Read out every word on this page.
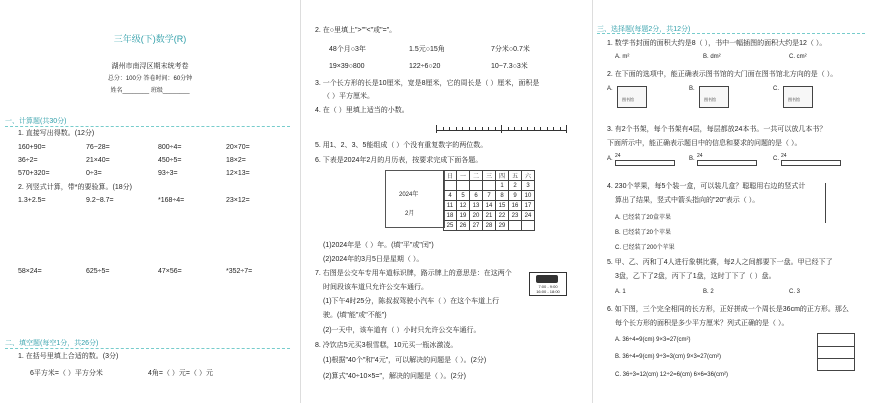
三年级(下)数学(R)
湖州市南浔区期末统考卷
总分：100分 答卷时间：60分钟
姓名________ 班级________
一、计算题(共30分)
1. 直接写出得数。(12分)
160+90=	76−28=	800÷4=	20×70=
36÷2=	21×40=	450÷5=	18×2=
570+320=	0÷3=	93÷3=	12×13=
2. 列竖式计算，带*的要验算。(18分)
1.3+2.5=	9.2−8.7=	*168÷4=	23×12=
58×24=	625÷5=	47×56=	*352÷7=
二、填空题(每空1分，共26分)
1. 在括号里填上合适的数。(3分)
6平方米=（ ）平方分米	4角=（ ）元=（ ）元
2. 在○里填上">""<"或"="。
48个月○3年	1.5元○15角	7分米○0.7米
19×39○800	122÷6○20	10−7.3○3米
3. 一个长方形的长是10厘米，宽是8厘米，它的周长是（ ）厘米，面积是
（ ）平方厘米。
4. 在（ ）里填上适当的小数。
5. 用1、2、3、5能组成（ ）个没有重复数字的两位数。
6. 下表是2024年2月的月历表，按要求完成下面各题。
2024年
2月
日	一	二	三	四	五	六
				1	2	3
4	5	6	7	8	9	10
11	12	13	14	15	16	17
18	19	20	21	22	23	24
25	26	27	28	29		
(1)2024年是（ ）年。(填"平"或"闰")
(2)2024年的3月5日是星期（ ）。
7. 右图是公交车专用车道标识牌，路示牌上的意思是：在这两个
时间段该车道只允许公交车通行。
(1)下午4时25分，陈叔叔驾驶小汽车（ ）在这个车道上行
驶。(填"能"或"不能")
(2)一天中，该车道有（ ）小时只允许公交车通行。
7:00 - 9:00
16:00 - 18:00
8. 冷饮店5元买3根雪糕，10元买一瓶冰激凌。
(1)根据"40个"和"4元"，可以解决的问题是（ ）。(2分)
(2)算式"40÷10×5="，解决的问题是（ ）。(2分)
三、选择题(每题2分，共12分)
1. 数学书封面的面积大约是8（ ），书中一幅插图的面积大约是12（ ）。
A. m²	B. dm²	C. cm²
2. 在下面的选项中，能正确表示图书馆的大门面在图书馆北方向的是（ ）。
A.
图书馆
B.
图书馆
C.
图书馆
3. 有2个书架，每个书架有4层，每层都放24本书。一共可以放几本书？
下面所示中，能正确表示题目中的信息和要求的问题的是（ ）。
A. 24	B. 24	C. 24
4. 230个苹果，每5个装一盒，可以装几盒？聪聪用右边的竖式计
算出了结果，竖式中箭头指向的"20"表示（ ）。
A. 已经装了20盒苹果
B. 已经装了20个苹果
C. 已经装了200个苹果
5. 甲、乙、丙和丁4人进行象棋比赛，每2人之间都要下一盘。甲已经下了
3盘，乙下了2盘，丙下了1盘，这时丁下了（ ）盘。
A. 1	B. 2	C. 3
6. 如下图，三个完全相同的长方形，正好拼成一个周长是36cm的正方形。那么
每个长方形的面积是多少平方厘米？列式正确的是（ ）。
A. 36÷4=9(cm) 9×3=27(cm²)
B. 36÷4=9(cm) 9÷3=3(cm) 9×3=27(cm²)
C. 36÷3=12(cm) 12÷2=6(cm) 6×6=36(cm²)
